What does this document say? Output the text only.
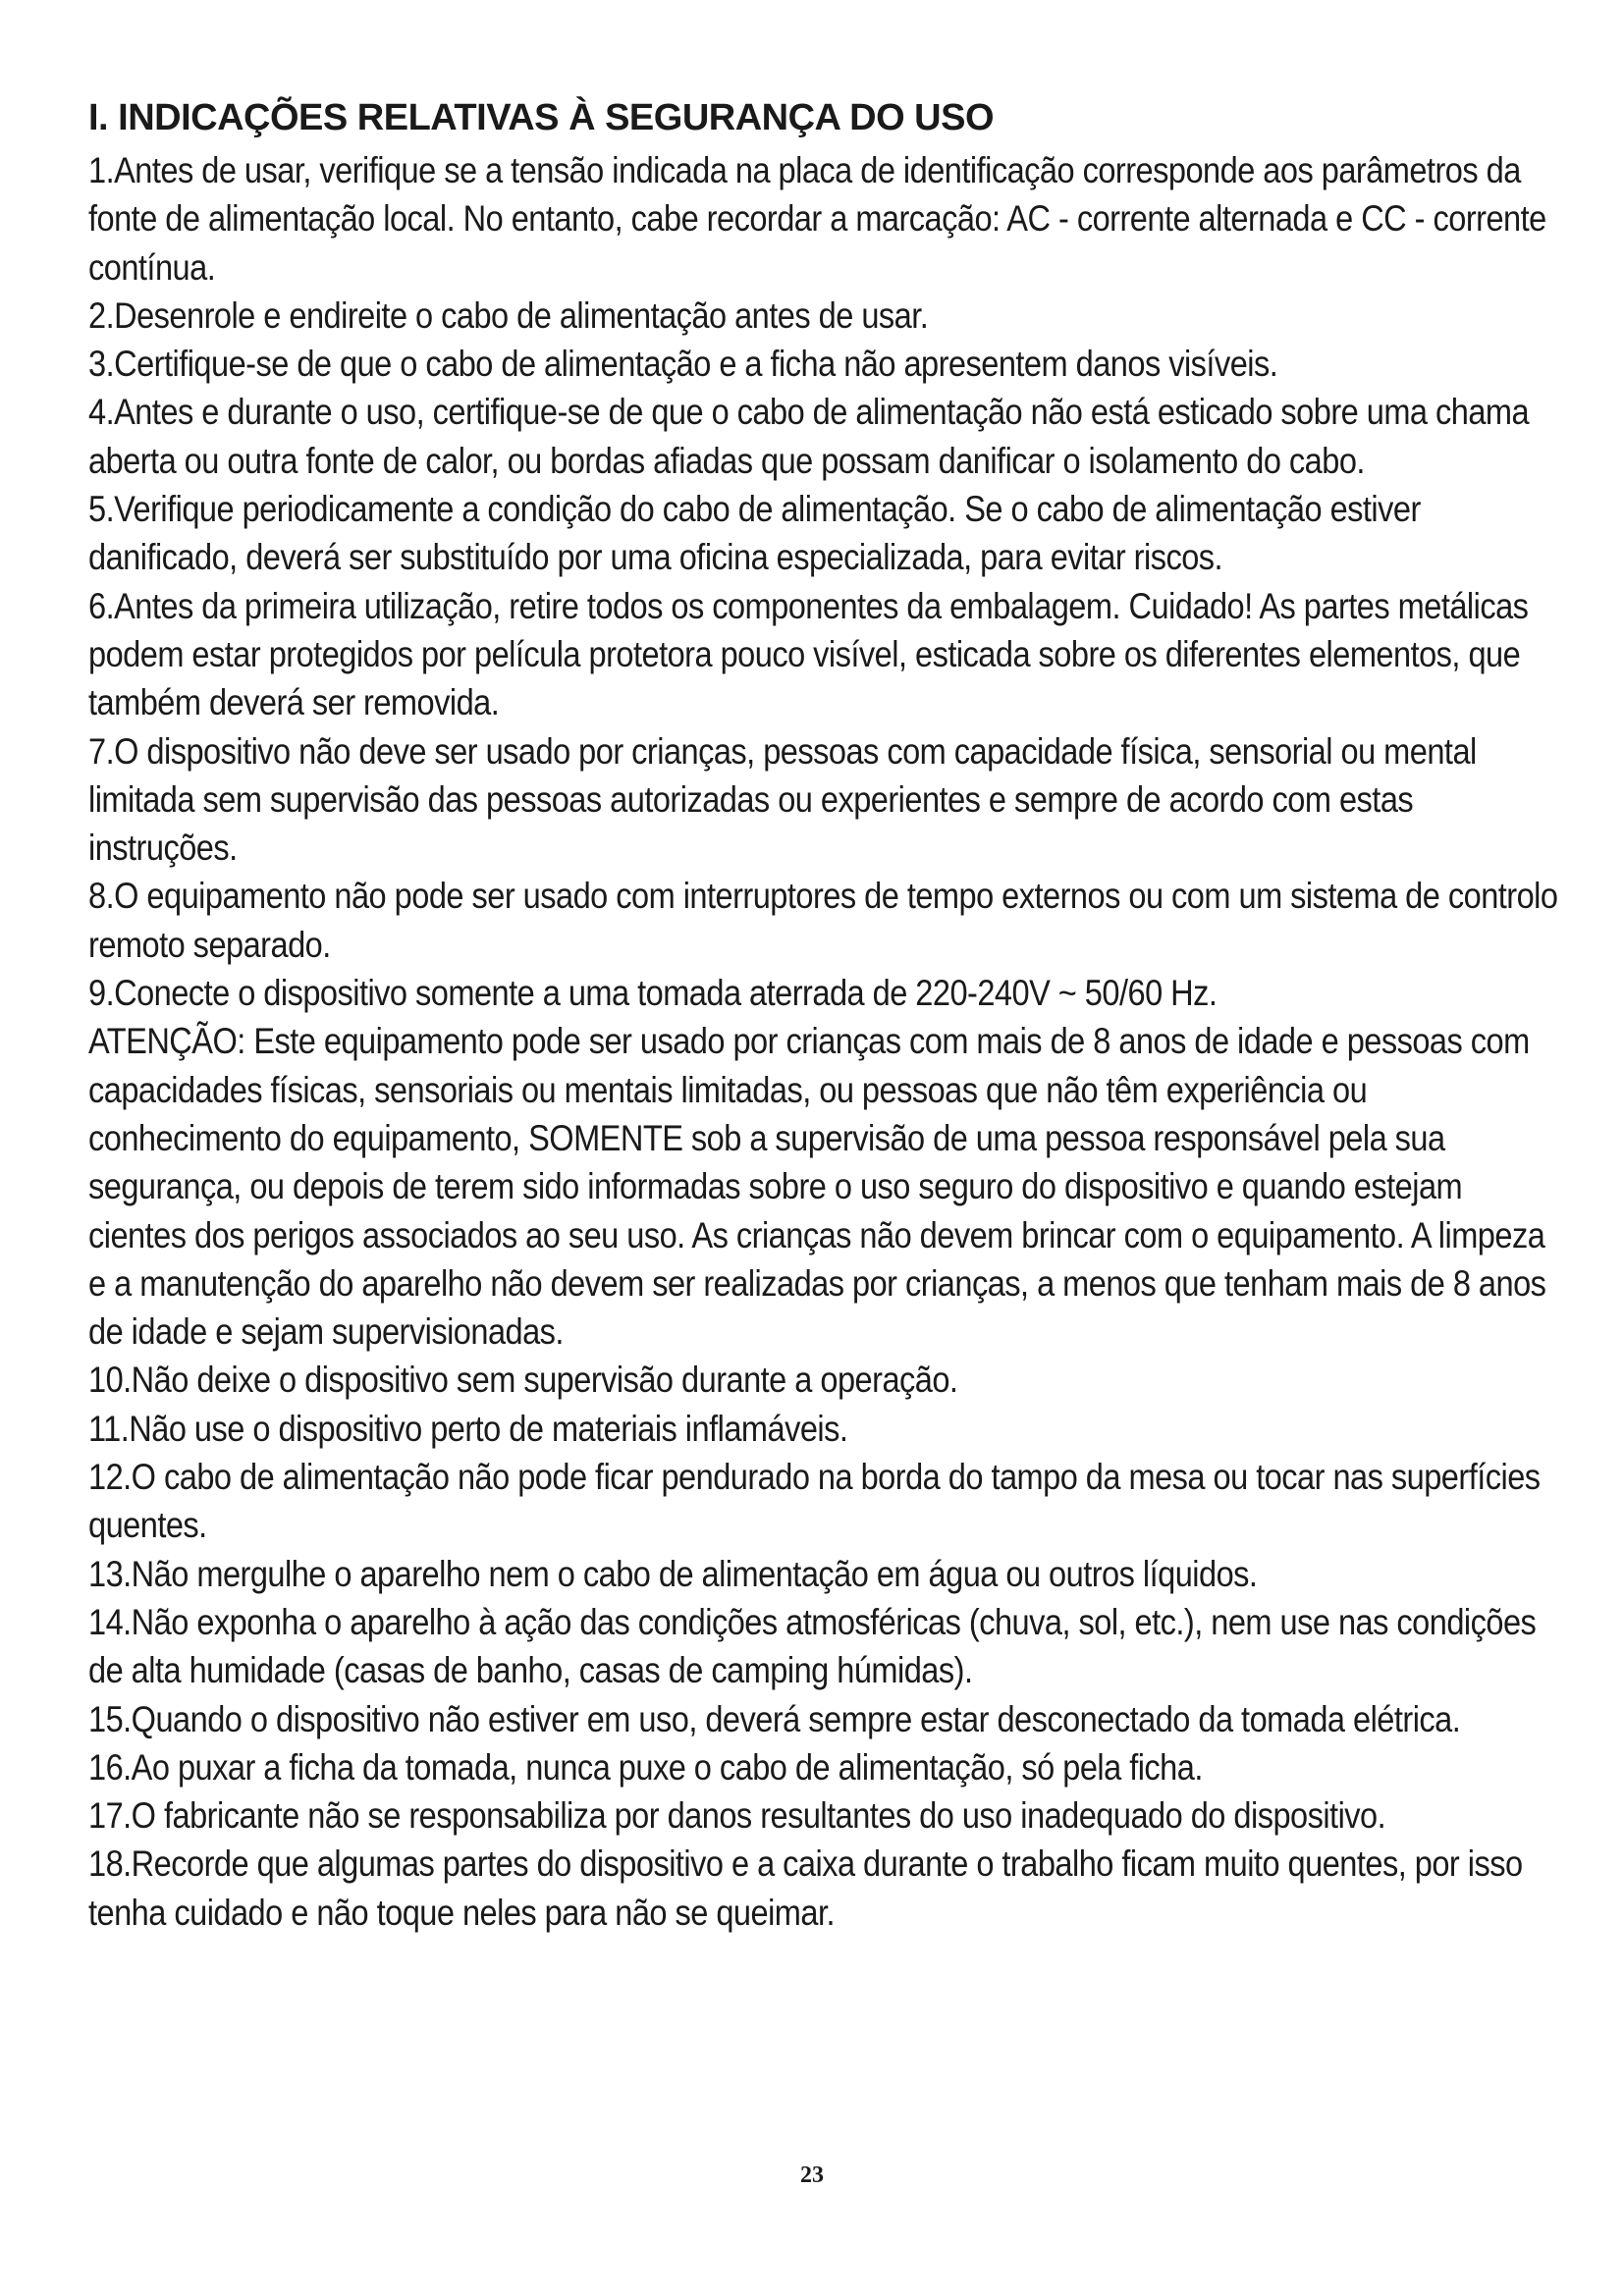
I. INDICAÇÕES RELATIVAS À SEGURANÇA DO USO

1.Antes de usar, verifique se a tensão indicada na placa de identificação corresponde aos parâmetros da fonte de alimentação local. No entanto, cabe recordar a marcação: AC - corrente alternada e CC - corrente contínua.

2.Desenrole e endireite o cabo de alimentação antes de usar.

3.Certifique-se de que o cabo de alimentação e a ficha não apresentem danos visíveis.

4.Antes e durante o uso, certifique-se de que o cabo de alimentação não está esticado sobre uma chama aberta ou outra fonte de calor, ou bordas afiadas que possam danificar o isolamento do cabo.

5.Verifique periodicamente a condição do cabo de alimentação. Se o cabo de alimentação estiver danificado, deverá ser substituído por uma oficina especializada, para evitar riscos.

6.Antes da primeira utilização, retire todos os componentes da embalagem. Cuidado! As partes metálicas podem estar protegidos por película protetora pouco visível, esticada sobre os diferentes elementos, que também deverá ser removida.

7.O dispositivo não deve ser usado por crianças, pessoas com capacidade física, sensorial ou mental limitada sem supervisão das pessoas autorizadas ou experientes e sempre de acordo com estas instruções.

8.O equipamento não pode ser usado com interruptores de tempo externos ou com um sistema de controlo remoto separado.

9.Conecte o dispositivo somente a uma tomada aterrada de 220-240V ~ 50/60 Hz.

ATENÇÃO: Este equipamento pode ser usado por crianças com mais de 8 anos de idade e pessoas com capacidades físicas, sensoriais ou mentais limitadas, ou pessoas que não têm experiência ou conhecimento do equipamento, SOMENTE sob a supervisão de uma pessoa responsável pela sua segurança, ou depois de terem sido informadas sobre o uso seguro do dispositivo e quando estejam cientes dos perigos associados ao seu uso. As crianças não devem brincar com o equipamento. A limpeza e a manutenção do aparelho não devem ser realizadas por crianças, a menos que tenham mais de 8 anos de idade e sejam supervisionadas.

10.Não deixe o dispositivo sem supervisão durante a operação.

11.Não use o dispositivo perto de materiais inflamáveis.

12.O cabo de alimentação não pode ficar pendurado na borda do tampo da mesa ou tocar nas superfícies quentes.

13.Não mergulhe o aparelho nem o cabo de alimentação em água ou outros líquidos.

14.Não exponha o aparelho à ação das condições atmosféricas (chuva, sol, etc.), nem use nas condições de alta humidade (casas de banho, casas de camping húmidas).

15.Quando o dispositivo não estiver em uso, deverá sempre estar desconectado da tomada elétrica.

16.Ao puxar a ficha da tomada, nunca puxe o cabo de alimentação, só pela ficha.

17.O fabricante não se responsabiliza por danos resultantes do uso inadequado do dispositivo.

18.Recorde que algumas partes do dispositivo e a caixa durante o trabalho ficam muito quentes, por isso tenha cuidado e não toque neles para não se queimar.

23
